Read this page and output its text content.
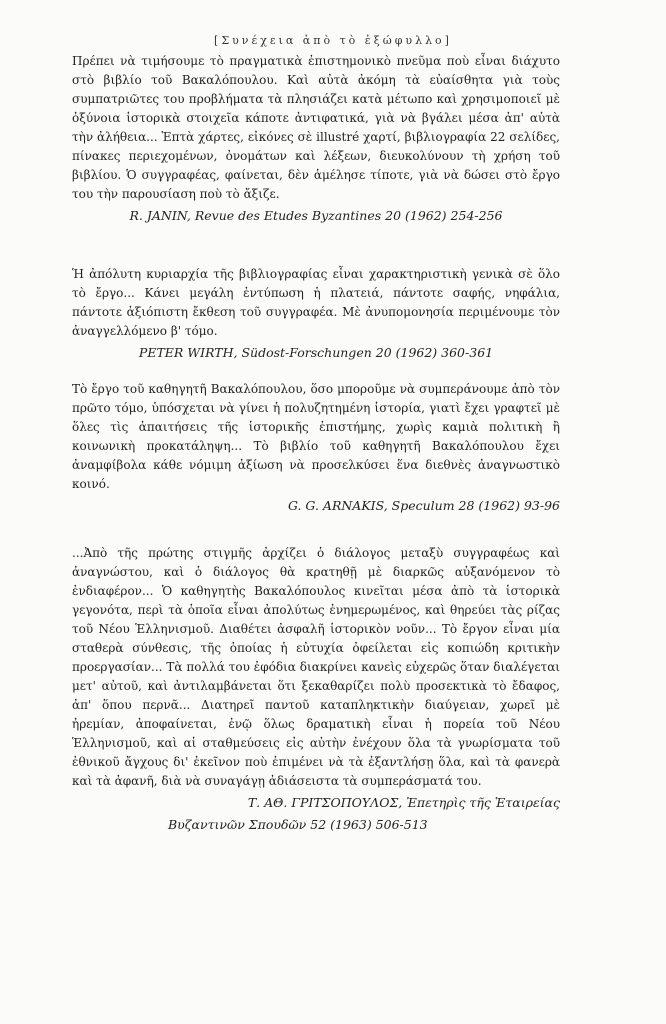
[Συνέχεια ἀπὸ τὸ ἐξώφυλλο]

Πρέπει νὰ τιμήσουμε τὸ πραγματικὰ ἐπιστημονικὸ πνεῦμα ποὺ εἶναι διάχυτο στὸ βιβλίο τοῦ Βακαλόπουλου. Καὶ αὐτὰ ἀκόμη τὰ εὐαίσθητα γιὰ τοὺς συμπατριῶτες του προβλήματα τὰ πλησιάζει κατὰ μέτωπο καὶ χρησιμοποιεῖ μὲ ὀξύνοια ἱστορικὰ στοιχεῖα κάποτε ἀντιφατικά, γιὰ νὰ βγάλει μέσα ἀπ' αὐτὰ τὴν ἀλήθεια... Ἑπτὰ χάρτες, εἰκόνες σὲ illustré χαρτί, βιβλιογραφία 22 σελίδες, πίνακες περιεχομένων, ὀνομάτων καὶ λέξεων, διευκολύνουν τὴ χρήση τοῦ βιβλίου. Ὁ συγγραφέας, φαίνεται, δὲν ἀμέλησε τίποτε, γιὰ νὰ δώσει στὸ ἔργο του τὴν παρουσίαση ποὺ τὸ ἄξιζε.

R. JANIN, Revue des Etudes Byzantines 20 (1962) 254-256

Ἡ ἀπόλυτη κυριαρχία τῆς βιβλιογραφίας εἶναι χαρακτηριστικὴ γενικὰ σὲ ὅλο τὸ ἔργο... Κάνει μεγάλη ἐντύπωση ἡ πλατειά, πάντοτε σαφής, νηφάλια, πάντοτε ἀξιόπιστη ἔκθεση τοῦ συγγραφέα. Μὲ ἀνυπομονησία περιμένουμε τὸν ἀναγγελλόμενο β' τόμο.

PETER WIRTH, Südost-Forschungen 20 (1962) 360-361

Τὸ ἔργο τοῦ καθηγητῆ Βακαλόπουλου, ὅσο μποροῦμε νὰ συμπεράνουμε ἀπὸ τὸν πρῶτο τόμο, ὑπόσχεται νὰ γίνει ἡ πολυζητημένη ἱστορία, γιατὶ ἔχει γραφτεῖ μὲ ὅλες τὶς ἀπαιτήσεις τῆς ἱστορικῆς ἐπιστήμης, χωρὶς καμιὰ πολιτικὴ ἢ κοινωνικὴ προκατάληψη... Τὸ βιβλίο τοῦ καθηγητῆ Βακαλόπουλου ἔχει ἀναμφίβολα κάθε νόμιμη ἀξίωση νὰ προσελκύσει ἕνα διεθνὲς ἀναγνωστικὸ κοινό.

G. G. ARNAKIS, Speculum 28 (1962) 93-96

...Ἀπὸ τῆς πρώτης στιγμῆς ἀρχίζει ὁ διάλογος μεταξὺ συγγραφέως καὶ ἀναγνώστου, καὶ ὁ διάλογος θὰ κρατηθῇ μὲ διαρκῶς αὐξανόμενον τὸ ἐνδιαφέρον... Ὁ καθηγητὴς Βακαλόπουλος κινεῖται μέσα ἀπὸ τὰ ἱστορικὰ γεγονότα, περὶ τὰ ὁποῖα εἶναι ἀπολύτως ἐνημερωμένος, καὶ θηρεύει τὰς ρίζας τοῦ Νέου Ἑλληνισμοῦ. Διαθέτει ἀσφαλῆ ἱστορικὸν νοῦν... Τὸ ἔργον εἶναι μία σταθερὰ σύνθεσις, τῆς ὁποίας ἡ εὐτυχία ὀφείλεται εἰς κοπιώδη κριτικὴν προεργασίαν... Τὰ πολλά του ἐφόδια διακρίνει κανεὶς εὐχερῶς ὅταν διαλέγεται μετ' αὐτοῦ, καὶ ἀντιλαμβάνεται ὅτι ξεκαθαρίζει πολὺ προσεκτικὰ τὸ ἔδαφος, ἀπ' ὅπου περνᾶ... Διατηρεῖ παντοῦ καταπληκτικὴν διαύγειαν, χωρεῖ μὲ ἠρεμίαν, ἀποφαίνεται, ἐνῷ ὅλως δραματικὴ εἶναι ἡ πορεία τοῦ Νέου Ἑλληνισμοῦ, καὶ αἱ σταθμεύσεις εἰς αὐτὴν ἐνέχουν ὅλα τὰ γνωρίσματα τοῦ ἐθνικοῦ ἄγχους δι' ἐκεῖνον ποὺ ἐπιμένει νὰ τὰ ἐξαντλήσῃ ὅλα, καὶ τὰ φανερὰ καὶ τὰ ἀφανῆ, διὰ νὰ συναγάγῃ ἀδιάσειστα τὰ συμπεράσματά του.

Τ. ΑΘ. ΓΡΙΤΣΟΠΟΥΛΟΣ, Ἐπετηρὶς τῆς Ἑταιρείας
Βυζαντινῶν Σπουδῶν 52 (1963) 506-513
